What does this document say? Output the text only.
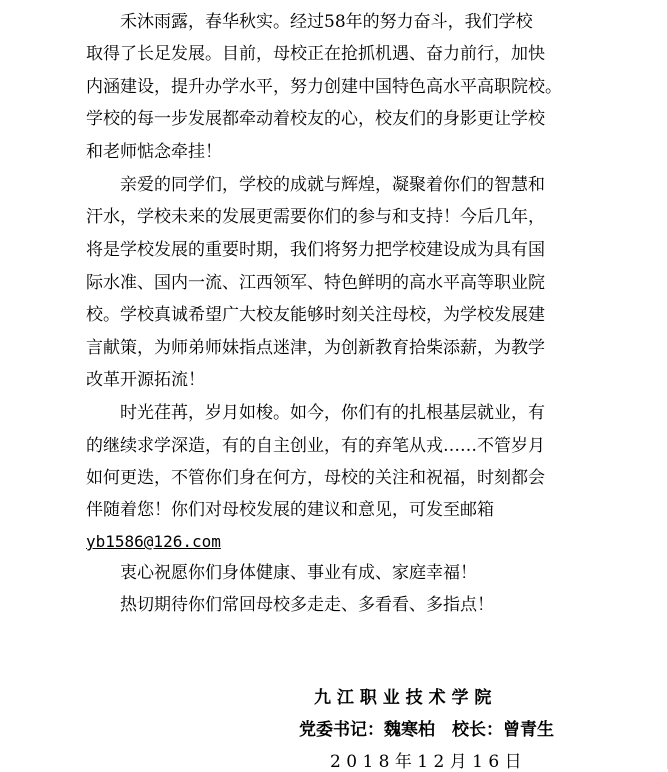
　　禾沐雨露，春华秋实。经过58年的努力奋斗，我们学校
取得了长足发展。目前，母校正在抢抓机遇、奋力前行，加快
内涵建设，提升办学水平，努力创建中国特色高水平高职院校。
学校的每一步发展都牵动着校友的心，校友们的身影更让学校
和老师惦念牵挂！
　　亲爱的同学们，学校的成就与辉煌，凝聚着你们的智慧和
汗水，学校未来的发展更需要你们的参与和支持！今后几年，
将是学校发展的重要时期，我们将努力把学校建设成为具有国
际水准、国内一流、江西领军、特色鲜明的高水平高等职业院
校。学校真诚希望广大校友能够时刻关注母校，为学校发展建
言献策，为师弟师妹指点迷津，为创新教育拾柴添薪，为教学
改革开源拓流！
　　时光荏苒，岁月如梭。如今，你们有的扎根基层就业，有
的继续求学深造，有的自主创业，有的弃笔从戎……不管岁月
如何更迭，不管你们身在何方，母校的关注和祝福，时刻都会
伴随着您！你们对母校发展的建议和意见，可发至邮箱
yb1586@126.com
　　衷心祝愿你们身体健康、事业有成、家庭幸福！
　　热切期待你们常回母校多走走、多看看、多指点！
九 江 职 业 技 术 学 院
党委书记：魏寒柏　校长：曾青生
2 0 1 8 年 1 2 月 1 6 日
